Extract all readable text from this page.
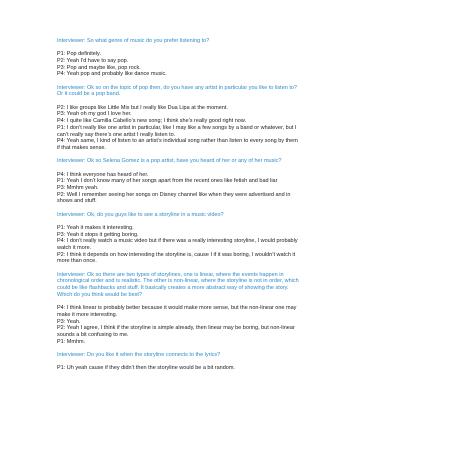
Interviewer: So what genre of music do you prefer listening to?
P1: Pop definitely.
P2: Yeah I’d have to say pop.
P3: Pop and maybe like, pop rock.
P4: Yeah pop and probably like dance music.
Interviewer: Ok so on the topic of pop then, do you have any artist in particular you like to listen to?
Or it could be a pop band.
P2: I like groups like Little Mix but I really like Dua Lipa at the moment.
P3: Yeah oh my god I love her.
P4: I quite like Camilla Cabello’s new song; I think she’s really good right now.
P1: I don’t really like one artist in particular, like I may like a few songs by a band or whatever, but I
can’t really say there’s one artist I really listen to.
P4: Yeah same, I kind of listen to an artist’s individual song rather than listen to every song by them
if that makes sense.
Interviewer: Ok so Selena Gomez is a pop artist, have you heard of her or any of her music?
P4: I think everyone has heard of her.
P1: Yeah I don’t know many of her songs apart from the recent ones like fetish and bad liar
P3: Mmhm yeah.
P2: Well I remember seeing her songs on Disney channel like when they were advertised and in
shows and stuff.
Interviewer: Ok, do you guys like to see a storyline in a music video?
P1: Yeah it makes it interesting.
P3: Yeah it stops it getting boring.
P4: I don’t really watch a music video but if there was a really interesting storyline, I would probably
watch it more.
P2: I think it depends on how interesting the storyline is, cause I if it was boring, I wouldn’t watch it
more than once.
Interviewer: Ok so there are two types of storylines, one is linear, where the events happen in
chronological order and is realistic. The other is non-linear, where the storyline is not in order, which
could be like flashbacks and stuff. It basically creates a more abstract way of showing the story.
Which do you think would be best?
P4: I think linear is probably better because it would make more sense, but the non-linear one may
make it more interesting.
P3: Yeah.
P2: Yeah I agree, I think if the storyline is simple already, then linear may be boring, but non-linear
sounds a bit confusing to me.
P1: Mmhm.
Interviewer: Do you like it when the storyline connects to the lyrics?
P1: Uh yeah cause if they didn’t then the storyline would be a bit random.
